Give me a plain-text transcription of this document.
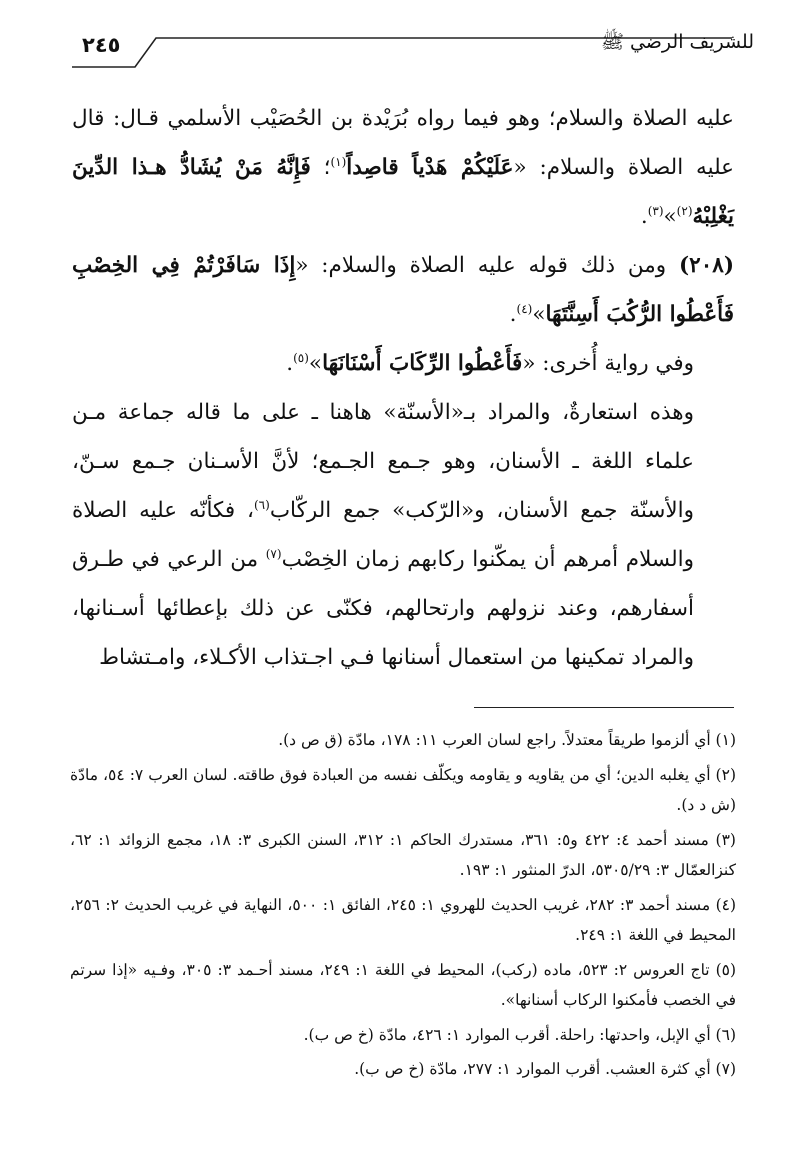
للشريف الرضي ﷺ
٢٤٥

عليه الصلاة والسلام؛ وهو فيما رواه بُرَيْدة بن الحُصَيْب الأسلمي قـال: قال عليه الصلاة والسلام: «عَلَيْكُمْ هَدْياً قاصِداً$^{(١)}$؛ فَإِنَّهُ مَنْ يُشَادُّ هـذا الدِّينَ يَغْلِبْهُ$^{(٢)}$»$^{(٣)}$.

(٢٠٨) ومن ذلك قوله عليه الصلاة والسلام: «إِذَا سَافَرْتُمْ فِي الخِصْبِ فَأَعْطُوا الرُّكُبَ أَسِنَّتَهَا»$^{(٤)}$.

وفي رواية أُخرى: «فَأَعْطُوا الرِّكَابَ أَسْنَانَهَا»$^{(٥)}$.

وهذه استعارةٌ، والمراد بـ«الأسنّة» هاهنا ـ على ما قاله جماعة مـن علماء اللغة ـ الأسنان، وهو جـمع الجـمع؛ لأنَّ الأسـنان جـمع سـنّ، والأسنّة جمع الأسنان، و«الرّكب» جمع الركّاب$^{(٦)}$، فكأنّه عليه الصلاة والسلام أمرهم أن يمكّنوا ركابهم زمان الخِصْب$^{(٧)}$ من الرعي في طـرق أسفارهم، وعند نزولهم وارتحالهم، فكنّى عن ذلك بإعطائها أسـنانها، والمراد تمكينها من استعمال أسنانها فـي اجـتذاب الأكـلاء، وامـتشاط

(١) أي ألزموا طريقاً معتدلاً. راجع لسان العرب ١١: ١٧٨، مادّة (ق ص د).

(٢) أي يغلبه الدين؛ أي من يقاويه و يقاومه ويكلّف نفسه من العبادة فوق طاقته. لسان العرب ٧: ٥٤، مادّة (ش د د).

(٣) مسند أحمد ٤: ٤٢٢ و٥: ٣٦١، مستدرك الحاكم ١: ٣١٢، السنن الكبرى ٣: ١٨، مجمع الزوائد ١: ٦٢، كنزالعمّال ٣: ٥٣٠٥/٢٩، الدرّ المنثور ١: ١٩٣.

(٤) مسند أحمد ٣: ٢٨٢، غريب الحديث للهروي ١: ٢٤٥، الفائق ١: ٥٠٠، النهاية في غريب الحديث ٢: ٢٥٦، المحيط في اللغة ١: ٢٤٩.

(٥) تاج العروس ٢: ٥٢٣، ماده (ركب)، المحيط في اللغة ١: ٢٤٩، مسند أحـمد ٣: ٣٠٥، وفـيه «إذا سرتم في الخصب فأمكنوا الركاب أسنانها».

(٦) أي الإبل، واحدتها: راحلة. أقرب الموارد ١: ٤٢٦، مادّة (خ ص ب).

(٧) أي كثرة العشب. أقرب الموارد ١: ٢٧٧، مادّة (خ ص ب).
